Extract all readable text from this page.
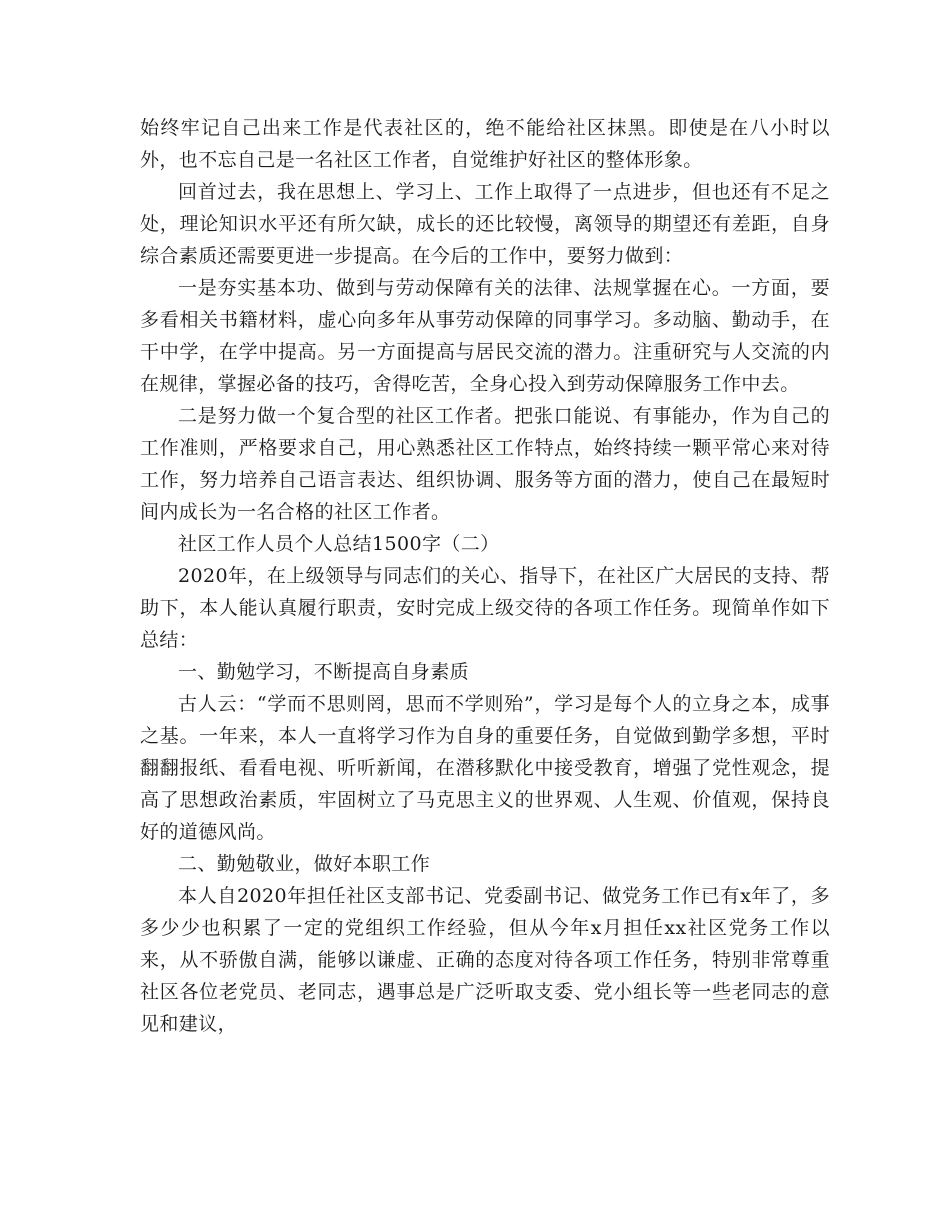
始终牢记自己出来工作是代表社区的，绝不能给社区抹黑。即使是在八小时以外，也不忘自己是一名社区工作者，自觉维护好社区的整体形象。

回首过去，我在思想上、学习上、工作上取得了一点进步，但也还有不足之处，理论知识水平还有所欠缺，成长的还比较慢，离领导的期望还有差距，自身综合素质还需要更进一步提高。在今后的工作中，要努力做到：

一是夯实基本功、做到与劳动保障有关的法律、法规掌握在心。一方面，要多看相关书籍材料，虚心向多年从事劳动保障的同事学习。多动脑、勤动手，在干中学，在学中提高。另一方面提高与居民交流的潜力。注重研究与人交流的内在规律，掌握必备的技巧，舍得吃苦，全身心投入到劳动保障服务工作中去。

二是努力做一个复合型的社区工作者。把张口能说、有事能办，作为自己的工作准则，严格要求自己，用心熟悉社区工作特点，始终持续一颗平常心来对待工作，努力培养自己语言表达、组织协调、服务等方面的潜力，使自己在最短时间内成长为一名合格的社区工作者。

社区工作人员个人总结1500字（二）

2020年，在上级领导与同志们的关心、指导下，在社区广大居民的支持、帮助下，本人能认真履行职责，安时完成上级交待的各项工作任务。现简单作如下总结：

一、勤勉学习，不断提高自身素质

古人云：“学而不思则罔，思而不学则殆”，学习是每个人的立身之本，成事之基。一年来，本人一直将学习作为自身的重要任务，自觉做到勤学多想，平时翻翻报纸、看看电视、听听新闻，在潜移默化中接受教育，增强了党性观念，提高了思想政治素质，牢固树立了马克思主义的世界观、人生观、价值观，保持良好的道德风尚。

二、勤勉敬业，做好本职工作

本人自2020年担任社区支部书记、党委副书记、做党务工作已有x年了，多多少少也积累了一定的党组织工作经验，但从今年x月担任xx社区党务工作以来，从不骄傲自满，能够以谦虚、正确的态度对待各项工作任务，特别非常尊重社区各位老党员、老同志，遇事总是广泛听取支委、党小组长等一些老同志的意见和建议，
